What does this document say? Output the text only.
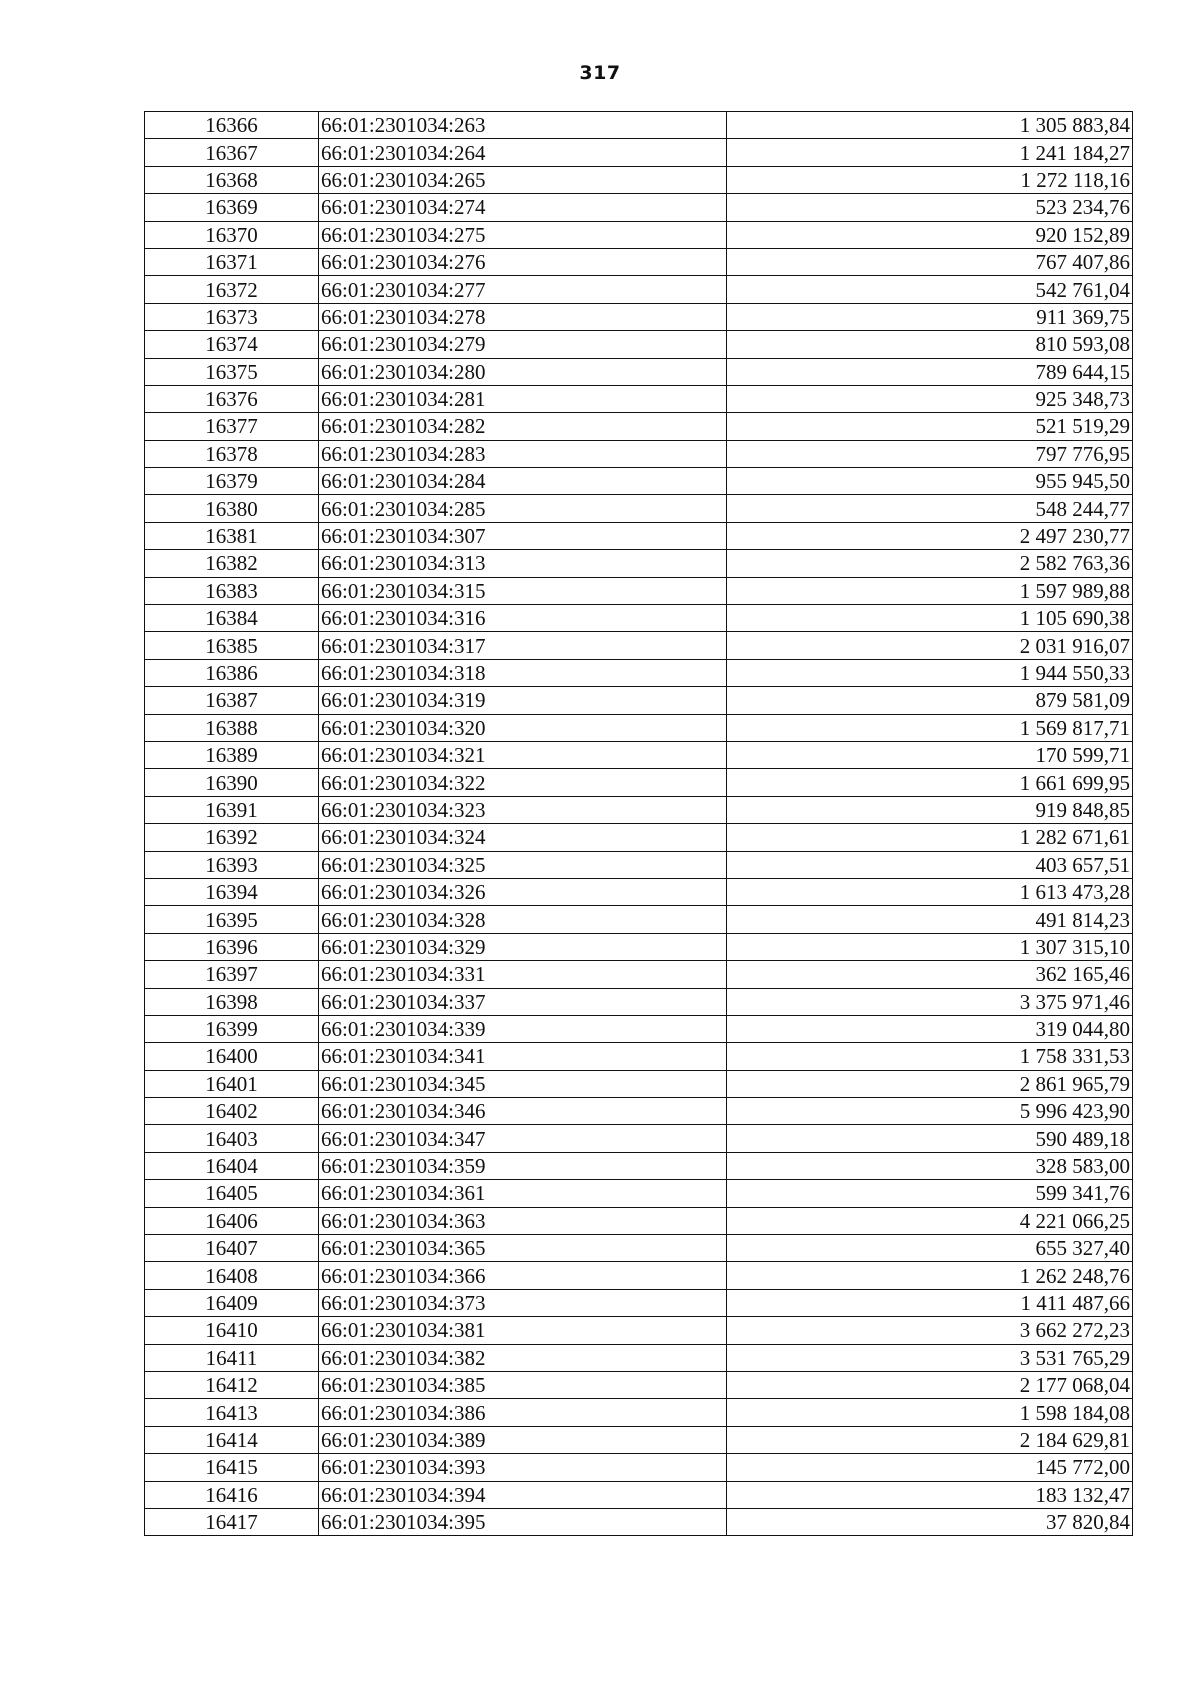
317
16366	66:01:2301034:263	1 305 883,84
16367	66:01:2301034:264	1 241 184,27
16368	66:01:2301034:265	1 272 118,16
16369	66:01:2301034:274	523 234,76
16370	66:01:2301034:275	920 152,89
16371	66:01:2301034:276	767 407,86
16372	66:01:2301034:277	542 761,04
16373	66:01:2301034:278	911 369,75
16374	66:01:2301034:279	810 593,08
16375	66:01:2301034:280	789 644,15
16376	66:01:2301034:281	925 348,73
16377	66:01:2301034:282	521 519,29
16378	66:01:2301034:283	797 776,95
16379	66:01:2301034:284	955 945,50
16380	66:01:2301034:285	548 244,77
16381	66:01:2301034:307	2 497 230,77
16382	66:01:2301034:313	2 582 763,36
16383	66:01:2301034:315	1 597 989,88
16384	66:01:2301034:316	1 105 690,38
16385	66:01:2301034:317	2 031 916,07
16386	66:01:2301034:318	1 944 550,33
16387	66:01:2301034:319	879 581,09
16388	66:01:2301034:320	1 569 817,71
16389	66:01:2301034:321	170 599,71
16390	66:01:2301034:322	1 661 699,95
16391	66:01:2301034:323	919 848,85
16392	66:01:2301034:324	1 282 671,61
16393	66:01:2301034:325	403 657,51
16394	66:01:2301034:326	1 613 473,28
16395	66:01:2301034:328	491 814,23
16396	66:01:2301034:329	1 307 315,10
16397	66:01:2301034:331	362 165,46
16398	66:01:2301034:337	3 375 971,46
16399	66:01:2301034:339	319 044,80
16400	66:01:2301034:341	1 758 331,53
16401	66:01:2301034:345	2 861 965,79
16402	66:01:2301034:346	5 996 423,90
16403	66:01:2301034:347	590 489,18
16404	66:01:2301034:359	328 583,00
16405	66:01:2301034:361	599 341,76
16406	66:01:2301034:363	4 221 066,25
16407	66:01:2301034:365	655 327,40
16408	66:01:2301034:366	1 262 248,76
16409	66:01:2301034:373	1 411 487,66
16410	66:01:2301034:381	3 662 272,23
16411	66:01:2301034:382	3 531 765,29
16412	66:01:2301034:385	2 177 068,04
16413	66:01:2301034:386	1 598 184,08
16414	66:01:2301034:389	2 184 629,81
16415	66:01:2301034:393	145 772,00
16416	66:01:2301034:394	183 132,47
16417	66:01:2301034:395	37 820,84
